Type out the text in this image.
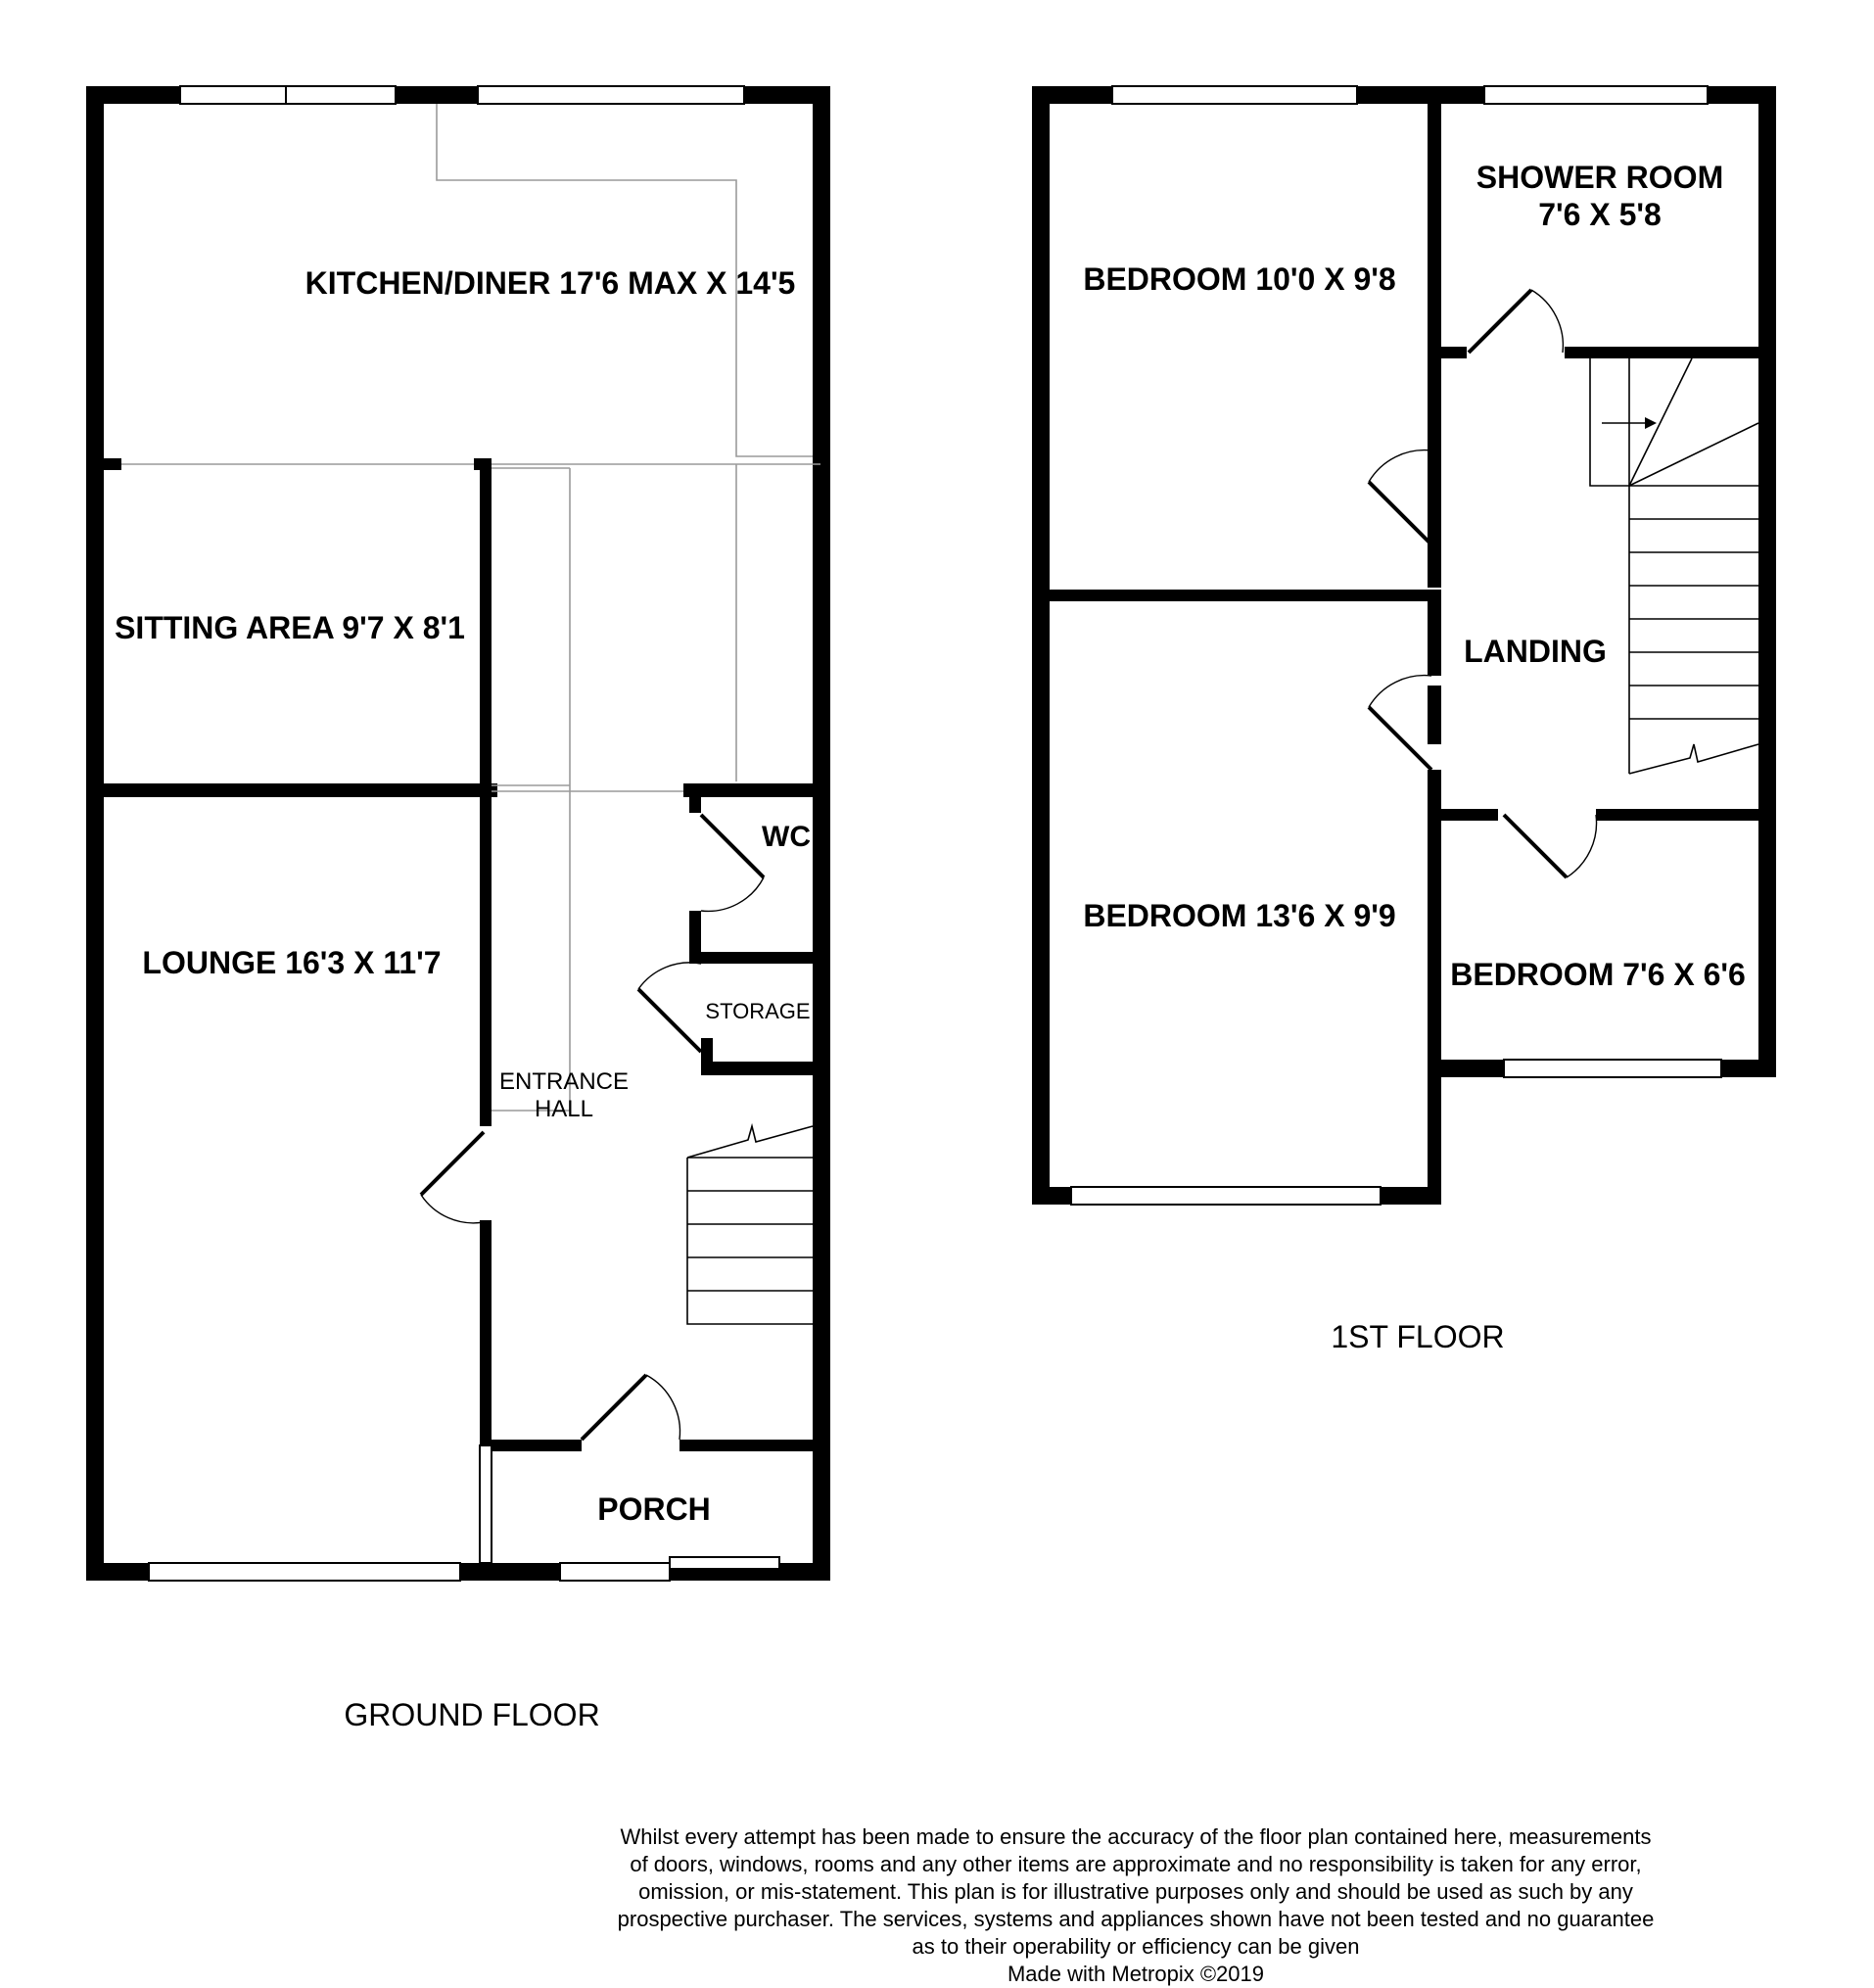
KITCHEN/DINER 17'6 MAX X 14'5
SITTING AREA 9'7 X 8'1
LOUNGE 16'3 X 11'7
WC
STORAGE
ENTRANCE
HALL
PORCH
BEDROOM 10'0 X 9'8
SHOWER ROOM
7'6 X 5'8
LANDING
BEDROOM 13'6 X 9'9
BEDROOM 7'6 X 6'6
GROUND FLOOR
1ST FLOOR
Whilst every attempt has been made to ensure the accuracy of the floor plan contained here, measurements
of doors, windows, rooms and any other items are approximate and no responsibility is taken for any error,
omission, or mis-statement. This plan is for illustrative purposes only and should be used as such by any
prospective purchaser. The services, systems and appliances shown have not been tested and no guarantee
as to their operability or efficiency can be given
Made with Metropix ©2019
